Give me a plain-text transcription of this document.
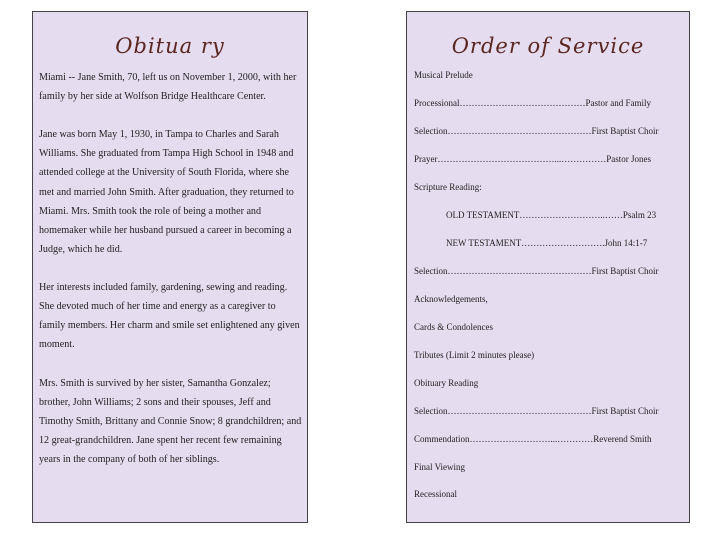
Obitua ry

Miami -- Jane Smith, 70, left us on November 1, 2000, with her family by her side at Wolfson Bridge Healthcare Center.

Jane was born May 1, 1930, in Tampa to Charles and Sarah Williams. She graduated from Tampa High School in 1948 and attended college at the University of South Florida, where she met and married John Smith. After graduation, they returned to Miami. Mrs. Smith took the role of being a mother and homemaker while her husband pursued a career in becoming a Judge, which he did.

Her interests included family, gardening, sewing and reading. She devoted much of her time and energy as a caregiver to family members. Her charm and smile set enlightened any given moment.

Mrs. Smith is survived by her sister, Samantha Gonzalez; brother, John Williams; 2 sons and their spouses, Jeff and Timothy Smith, Brittany and Connie Snow; 8 grandchildren; and 12 great-grandchildren. Jane spent her recent few remaining years in the company of both of her siblings.

Order of Service
Musical Prelude
Processional……………………………………Pastor and Family
Selection…………………………………………First Baptist Choir
Prayer…………………………………...……………Pastor Jones
Scripture Reading:
OLD TESTAMENT………………………..……Psalm 23
NEW TESTAMENT……………………….John 14:1-7
Selection…………………………………………First Baptist Choir
Acknowledgements,
Cards & Condolences
Tributes (Limit 2 minutes please)
Obituary Reading
Selection…………………………………………First Baptist Choir
Commendation………………………...…………Reverend Smith
Final Viewing
Recessional
